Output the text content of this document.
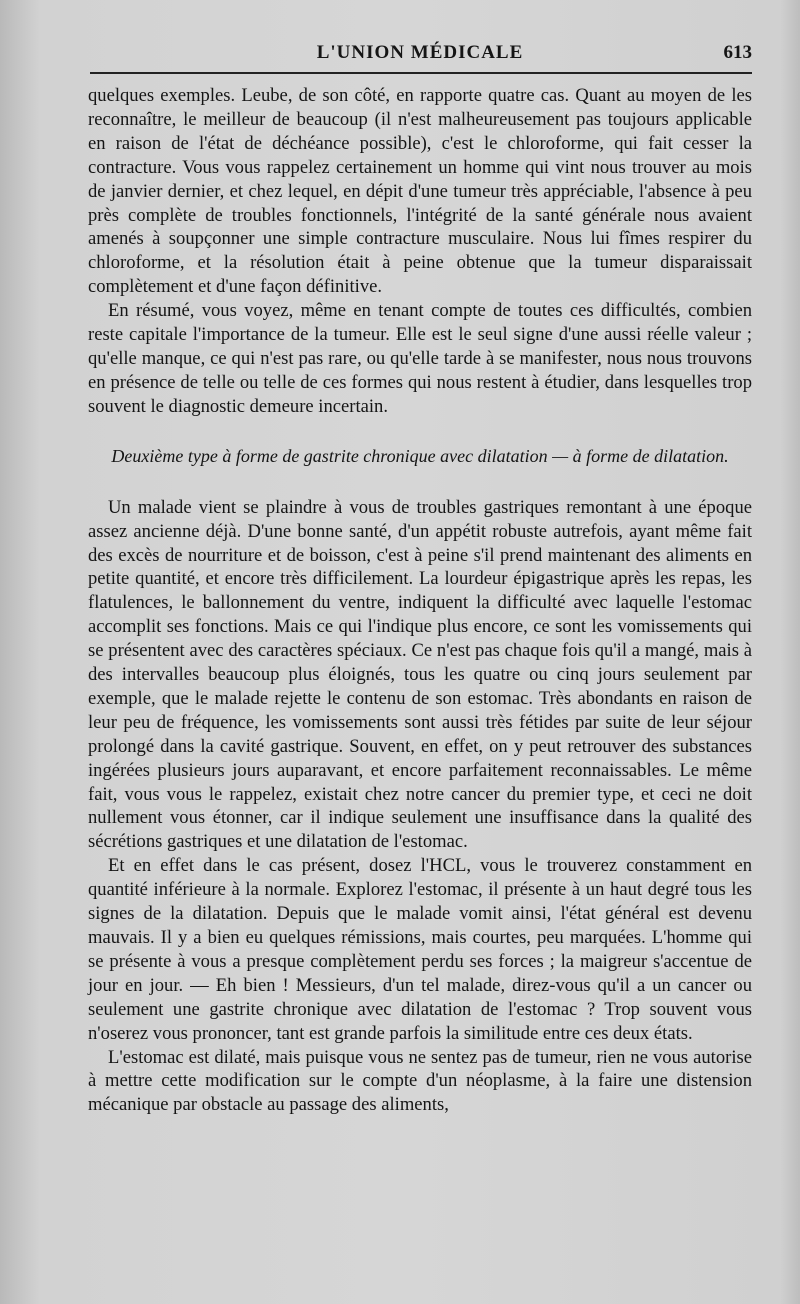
L'UNION MÉDICALE	613

quelques exemples. Leube, de son côté, en rapporte quatre cas. Quant au moyen de les reconnaître, le meilleur de beaucoup (il n'est malheureusement pas toujours applicable en raison de l'état de déchéance possible), c'est le chloroforme, qui fait cesser la contracture. Vous vous rappelez certainement un homme qui vint nous trouver au mois de janvier dernier, et chez lequel, en dépit d'une tumeur très appréciable, l'absence à peu près complète de troubles fonctionnels, l'intégrité de la santé générale nous avaient amenés à soupçonner une simple contracture musculaire. Nous lui fîmes respirer du chloroforme, et la résolution était à peine obtenue que la tumeur disparaissait complètement et d'une façon définitive.

En résumé, vous voyez, même en tenant compte de toutes ces difficultés, combien reste capitale l'importance de la tumeur. Elle est le seul signe d'une aussi réelle valeur ; qu'elle manque, ce qui n'est pas rare, ou qu'elle tarde à se manifester, nous nous trouvons en présence de telle ou telle de ces formes qui nous restent à étudier, dans lesquelles trop souvent le diagnostic demeure incertain.

Deuxième type à forme de gastrite chronique avec dilatation — à forme de dilatation.

Un malade vient se plaindre à vous de troubles gastriques remontant à une époque assez ancienne déjà. D'une bonne santé, d'un appétit robuste autrefois, ayant même fait des excès de nourriture et de boisson, c'est à peine s'il prend maintenant des aliments en petite quantité, et encore très difficilement. La lourdeur épigastrique après les repas, les flatulences, le ballonnement du ventre, indiquent la difficulté avec laquelle l'estomac accomplit ses fonctions. Mais ce qui l'indique plus encore, ce sont les vomissements qui se présentent avec des caractères spéciaux. Ce n'est pas chaque fois qu'il a mangé, mais à des intervalles beaucoup plus éloignés, tous les quatre ou cinq jours seulement par exemple, que le malade rejette le contenu de son estomac. Très abondants en raison de leur peu de fréquence, les vomissements sont aussi très fétides par suite de leur séjour prolongé dans la cavité gastrique. Souvent, en effet, on y peut retrouver des substances ingérées plusieurs jours auparavant, et encore parfaitement reconnaissables. Le même fait, vous vous le rappelez, existait chez notre cancer du premier type, et ceci ne doit nullement vous étonner, car il indique seulement une insuffisance dans la qualité des sécrétions gastriques et une dilatation de l'estomac.

Et en effet dans le cas présent, dosez l'HCL, vous le trouverez constamment en quantité inférieure à la normale. Explorez l'estomac, il présente à un haut degré tous les signes de la dilatation. Depuis que le malade vomit ainsi, l'état général est devenu mauvais. Il y a bien eu quelques rémissions, mais courtes, peu marquées. L'homme qui se présente à vous a presque complètement perdu ses forces ; la maigreur s'accentue de jour en jour. — Eh bien ! Messieurs, d'un tel malade, direz-vous qu'il a un cancer ou seulement une gastrite chronique avec dilatation de l'estomac ? Trop souvent vous n'oserez vous prononcer, tant est grande parfois la similitude entre ces deux états.

L'estomac est dilaté, mais puisque vous ne sentez pas de tumeur, rien ne vous autorise à mettre cette modification sur le compte d'un néoplasme, à la faire une distension mécanique par obstacle au passage des aliments,
